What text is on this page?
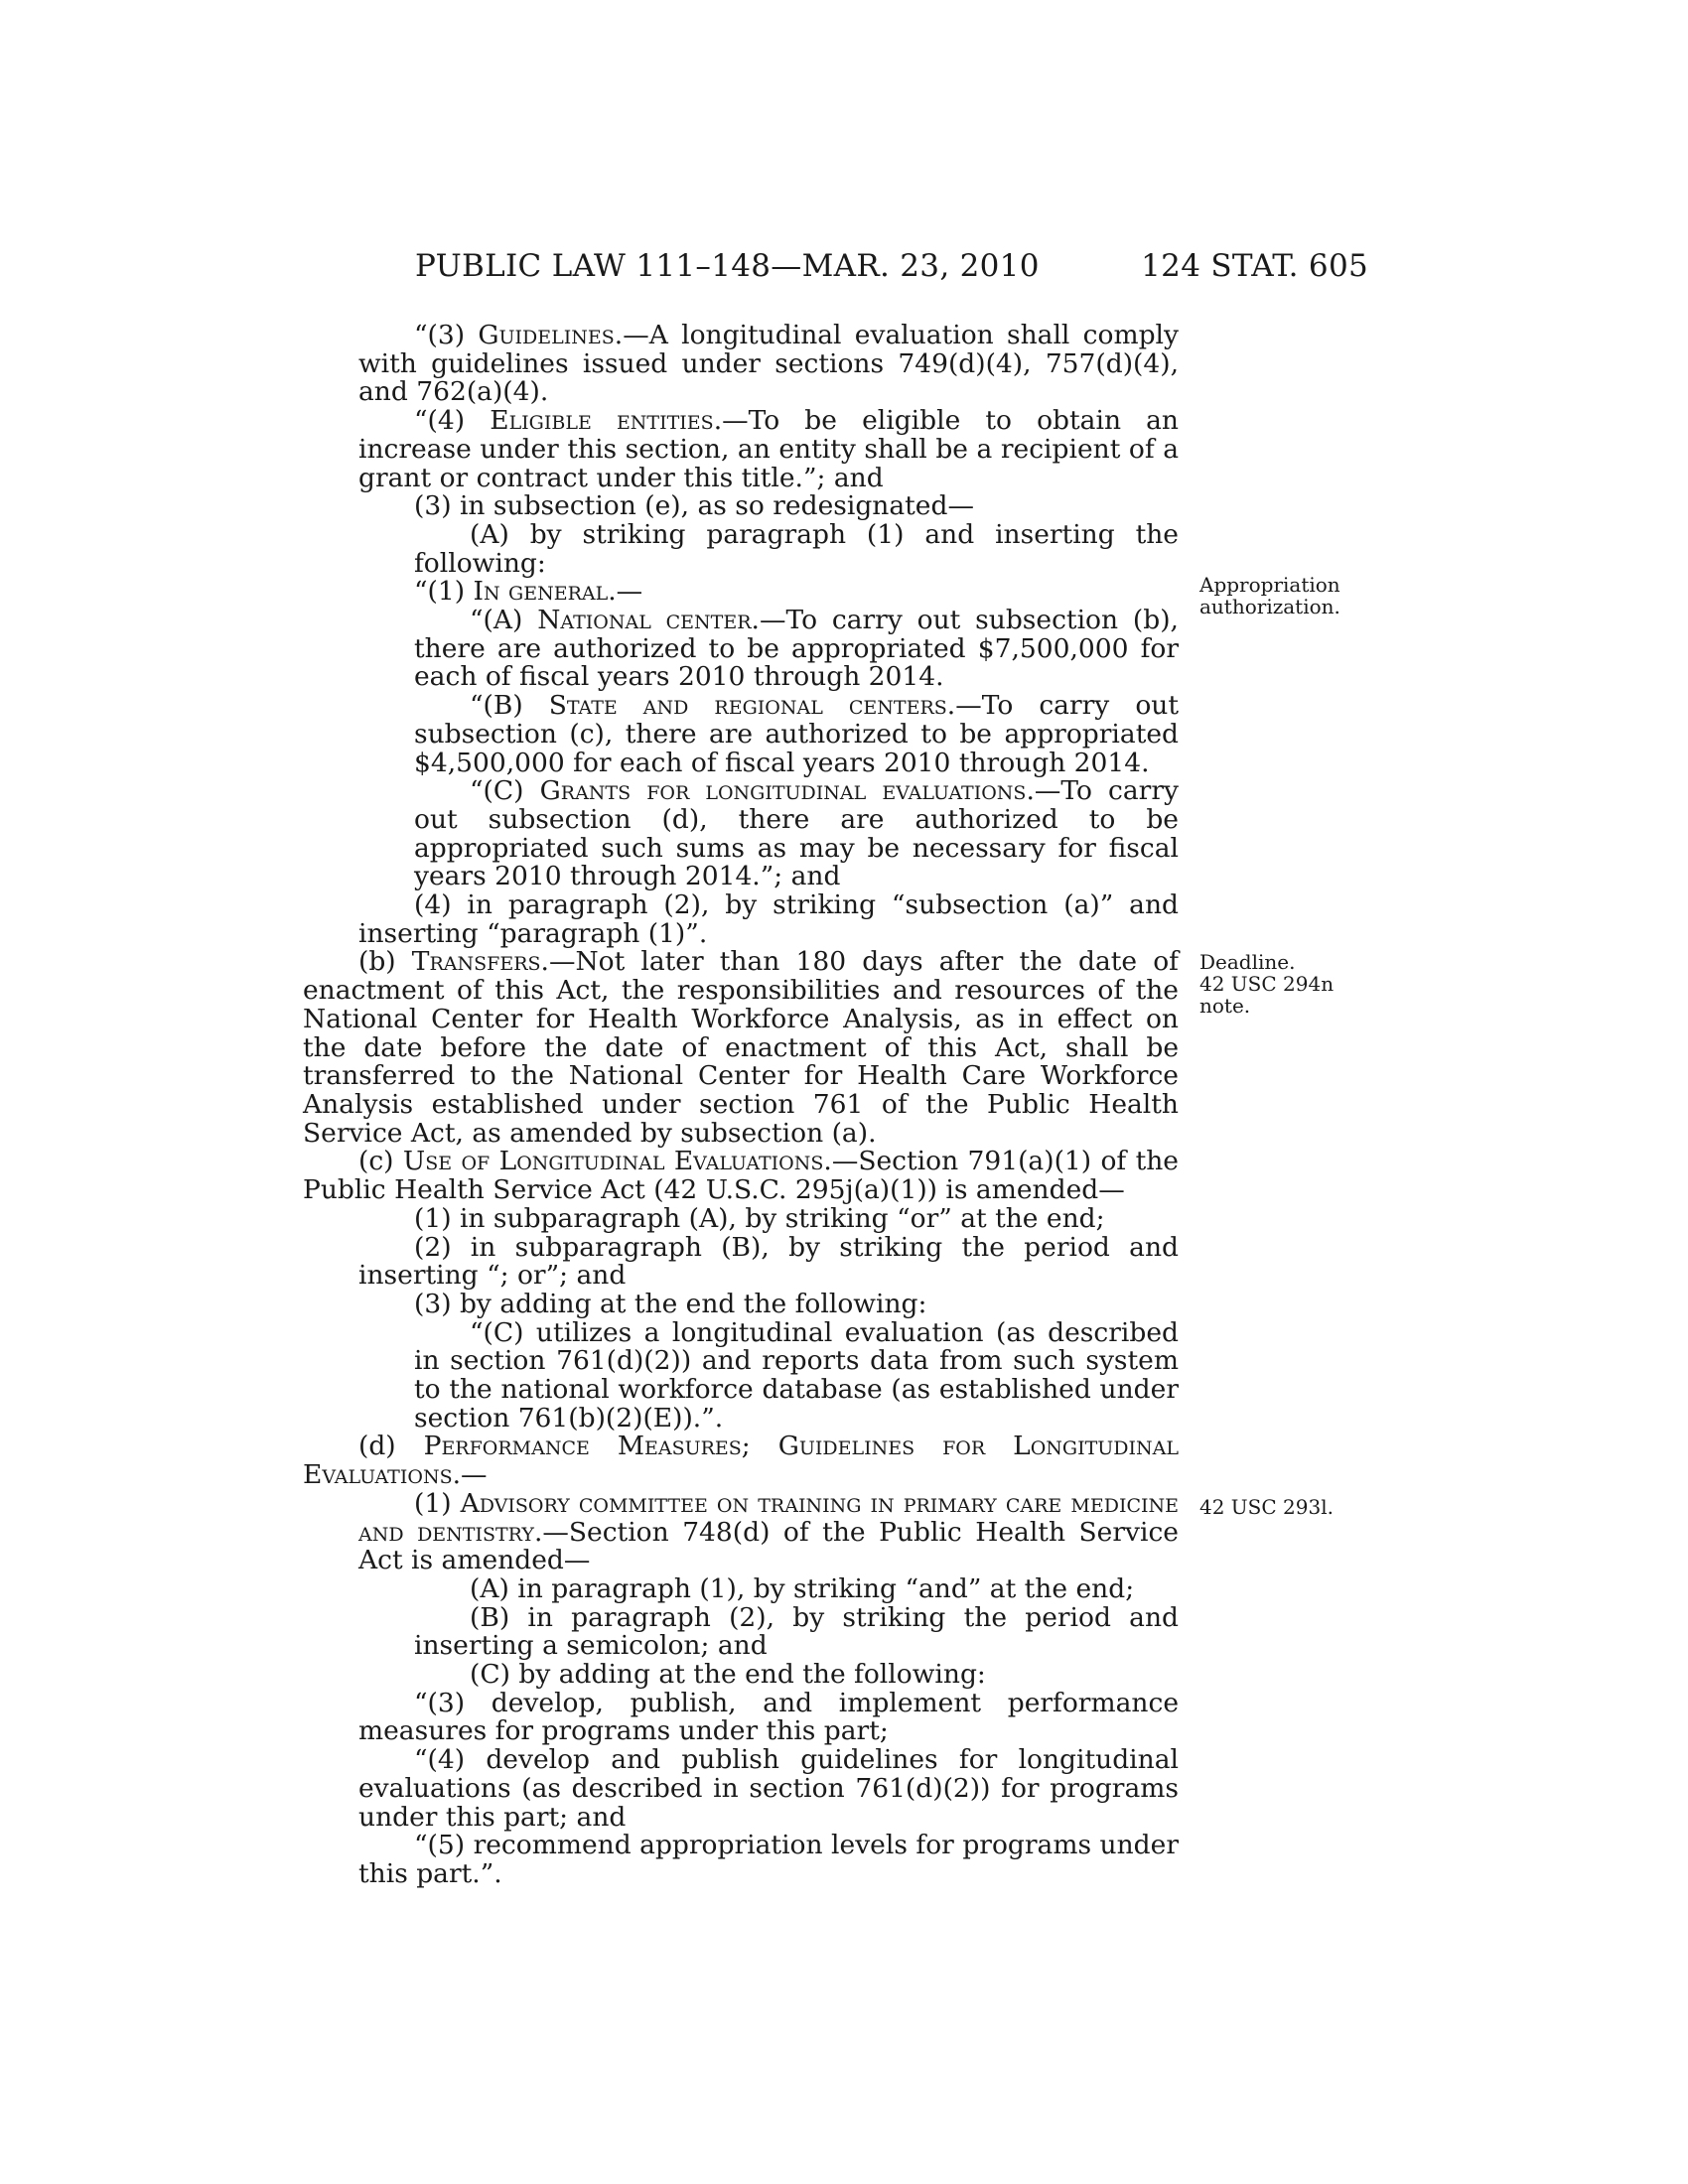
PUBLIC LAW 111–148—MAR. 23, 2010	124 STAT. 605

“(3) Guidelines.—A longitudinal evaluation shall comply with guidelines issued under sections 749(d)(4), 757(d)(4), and 762(a)(4).

“(4) Eligible entities.—To be eligible to obtain an increase under this section, an entity shall be a recipient of a grant or contract under this title.”; and

(3) in subsection (e), as so redesignated—

(A) by striking paragraph (1) and inserting the following:

“(1) In general.—

“(A) National center.—To carry out subsection (b), there are authorized to be appropriated $7,500,000 for each of fiscal years 2010 through 2014.

“(B) State and regional centers.—To carry out subsection (c), there are authorized to be appropriated $4,500,000 for each of fiscal years 2010 through 2014.

“(C) Grants for longitudinal evaluations.—To carry out subsection (d), there are authorized to be appropriated such sums as may be necessary for fiscal years 2010 through 2014.”; and

(4) in paragraph (2), by striking “subsection (a)” and inserting “paragraph (1)”.

(b) Transfers.—Not later than 180 days after the date of enactment of this Act, the responsibilities and resources of the National Center for Health Workforce Analysis, as in effect on the date before the date of enactment of this Act, shall be transferred to the National Center for Health Care Workforce Analysis established under section 761 of the Public Health Service Act, as amended by subsection (a).

(c) Use of Longitudinal Evaluations.—Section 791(a)(1) of the Public Health Service Act (42 U.S.C. 295j(a)(1)) is amended—

(1) in subparagraph (A), by striking “or” at the end;

(2) in subparagraph (B), by striking the period and inserting “; or”; and

(3) by adding at the end the following:

“(C) utilizes a longitudinal evaluation (as described in section 761(d)(2)) and reports data from such system to the national workforce database (as established under section 761(b)(2)(E)).”.

(d) Performance Measures; Guidelines for Longitudinal Evaluations.—

(1) Advisory committee on training in primary care medicine and dentistry.—Section 748(d) of the Public Health Service Act is amended—

(A) in paragraph (1), by striking “and” at the end;

(B) in paragraph (2), by striking the period and inserting a semicolon; and

(C) by adding at the end the following:

“(3) develop, publish, and implement performance measures for programs under this part;

“(4) develop and publish guidelines for longitudinal evaluations (as described in section 761(d)(2)) for programs under this part; and

“(5) recommend appropriation levels for programs under this part.”.

Appropriation
authorization.
Deadline.
42 USC 294n
note.
42 USC 293l.
